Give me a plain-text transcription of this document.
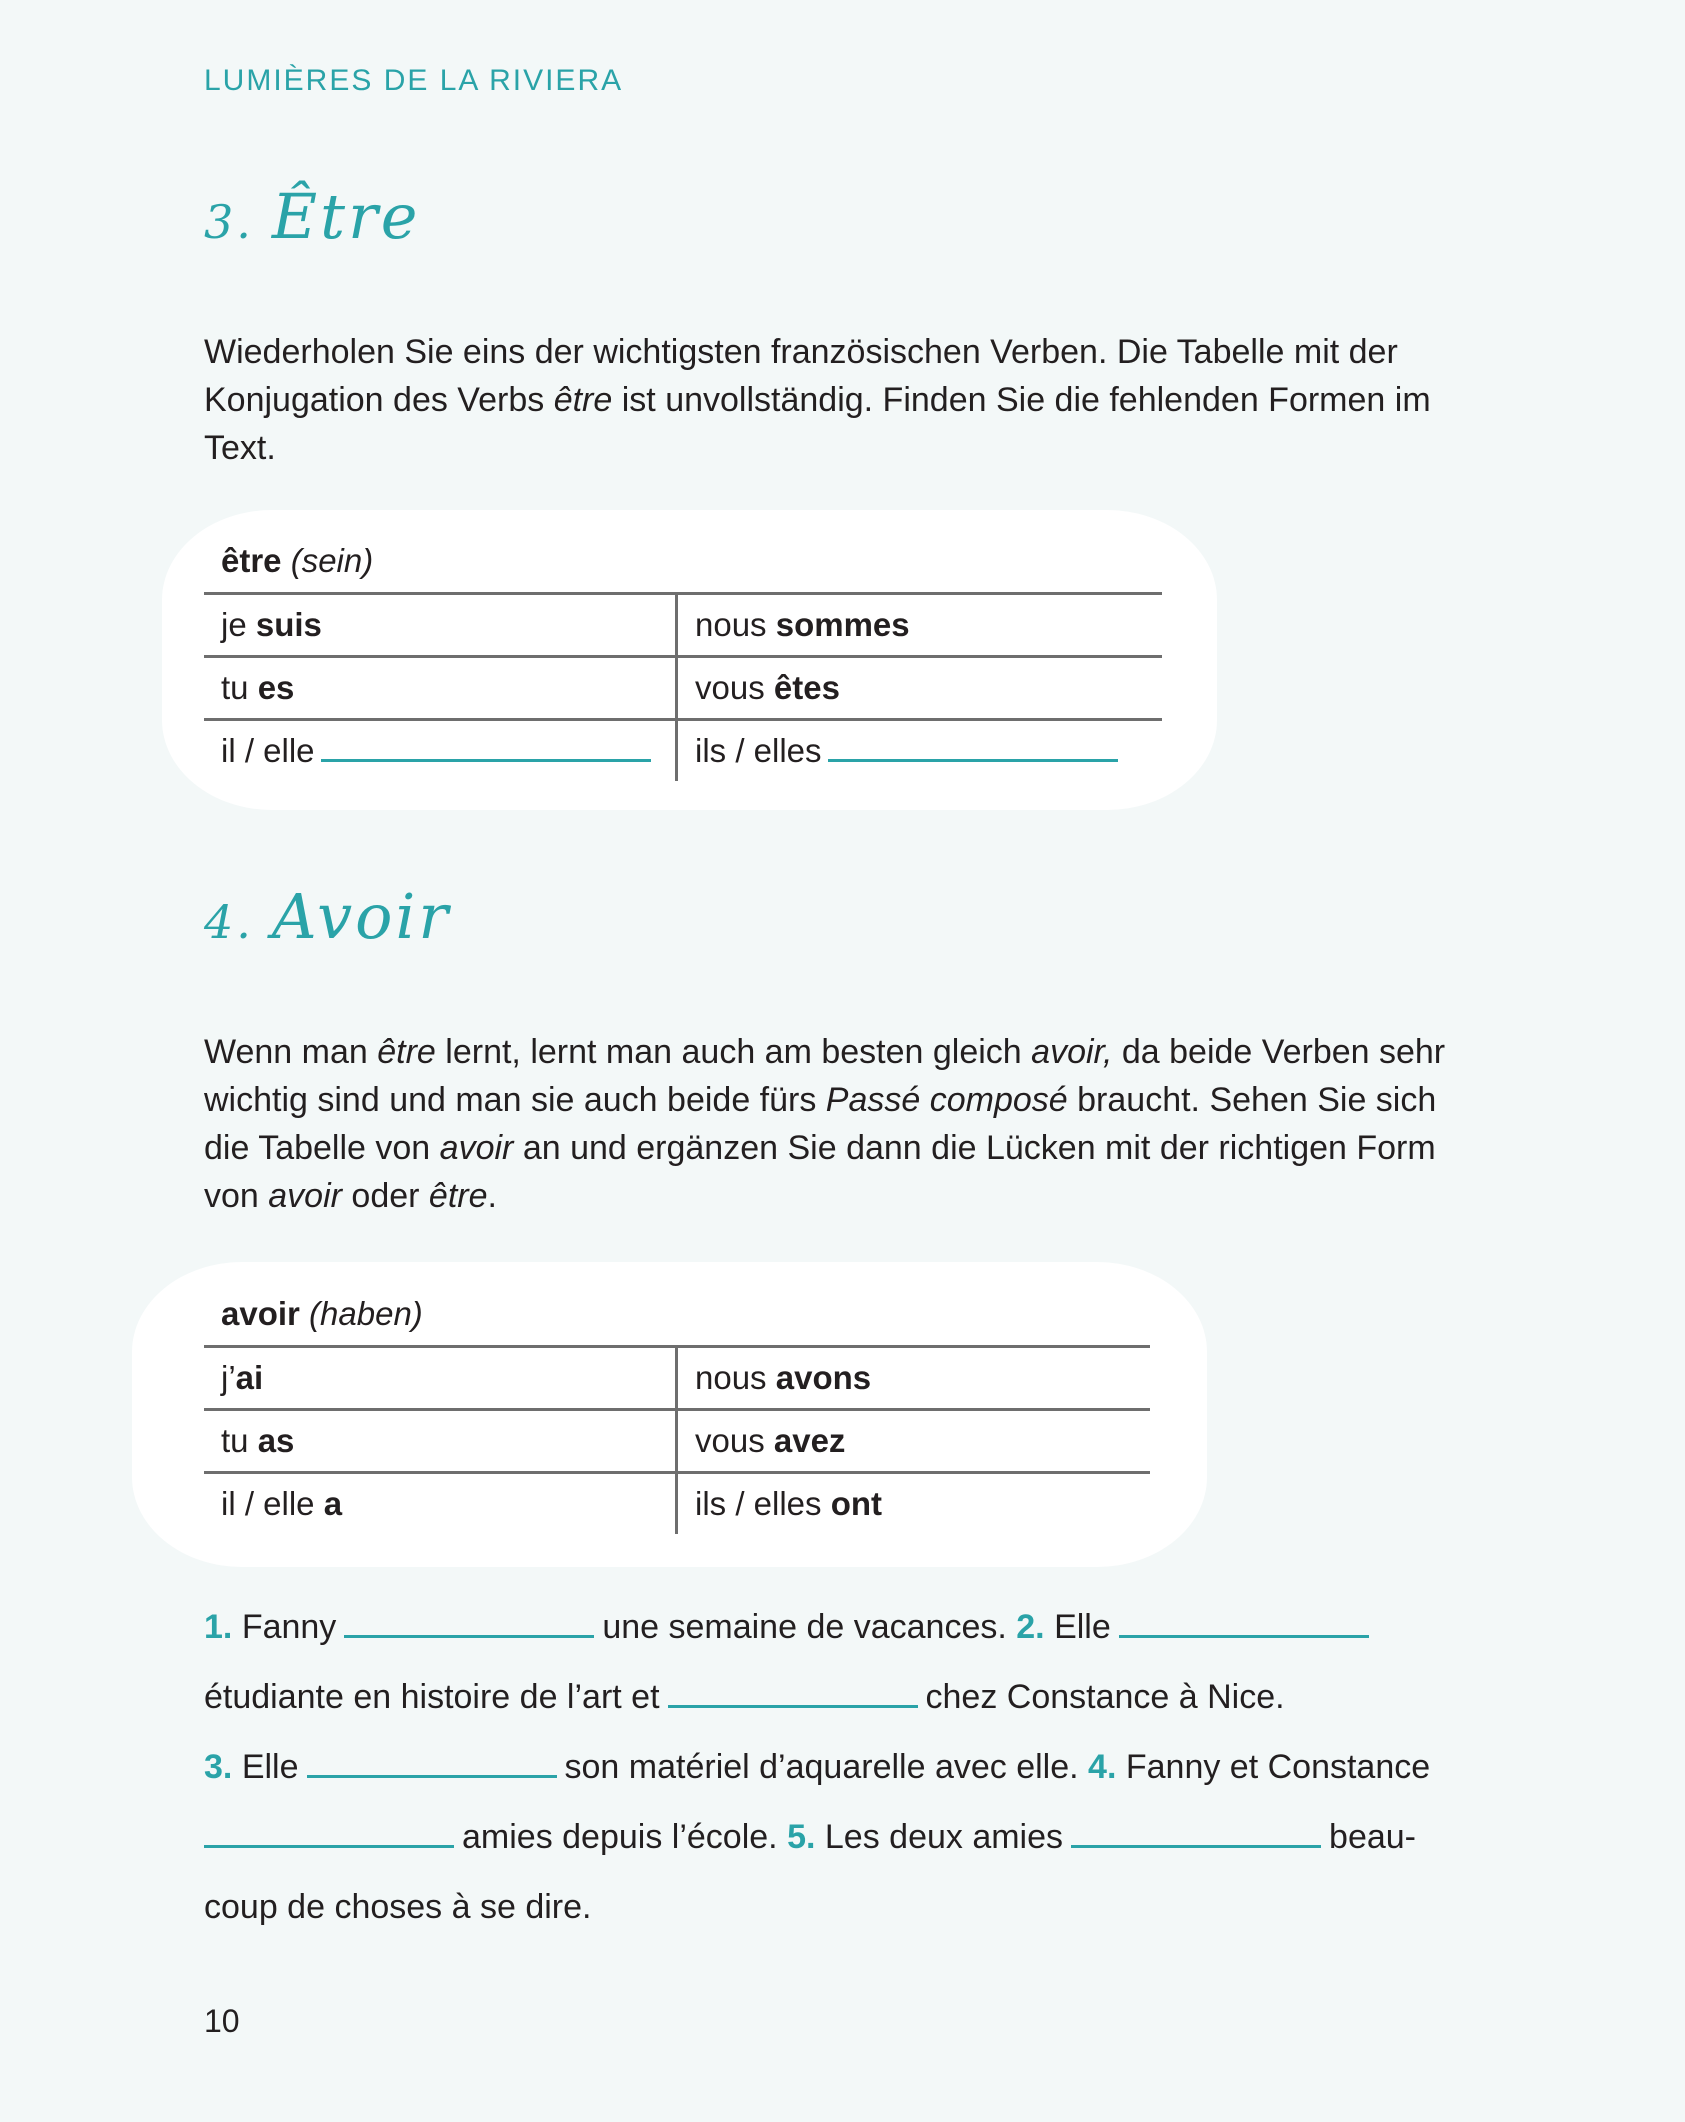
LUMIÈRES DE LA RIVIERA
3. Être
Wiederholen Sie eins der wichtigsten französischen Verben. Die Tabelle mit der Konjugation des Verbs être ist unvollständig. Finden Sie die fehlenden Formen im Text.
être (sein)
je suis	nous sommes
tu es	vous êtes
il / elle	ils / elles
4. Avoir
Wenn man être lernt, lernt man auch am besten gleich avoir, da beide Verben sehr wichtig sind und man sie auch beide fürs Passé composé braucht. Sehen Sie sich die Tabelle von avoir an und ergänzen Sie dann die Lücken mit der richtigen Form von avoir oder être.
avoir (haben)
j’ai	nous avons
tu as	vous avez
il / elle a	ils / elles ont
1. Fanny	une semaine de vacances. 2. Elle
étudiante en histoire de l’art et	chez Constance à Nice.
3. Elle	son matériel d’aquarelle avec elle. 4. Fanny et Constance
amies depuis l’école. 5. Les deux amies	beau-
coup de choses à se dire.
10
